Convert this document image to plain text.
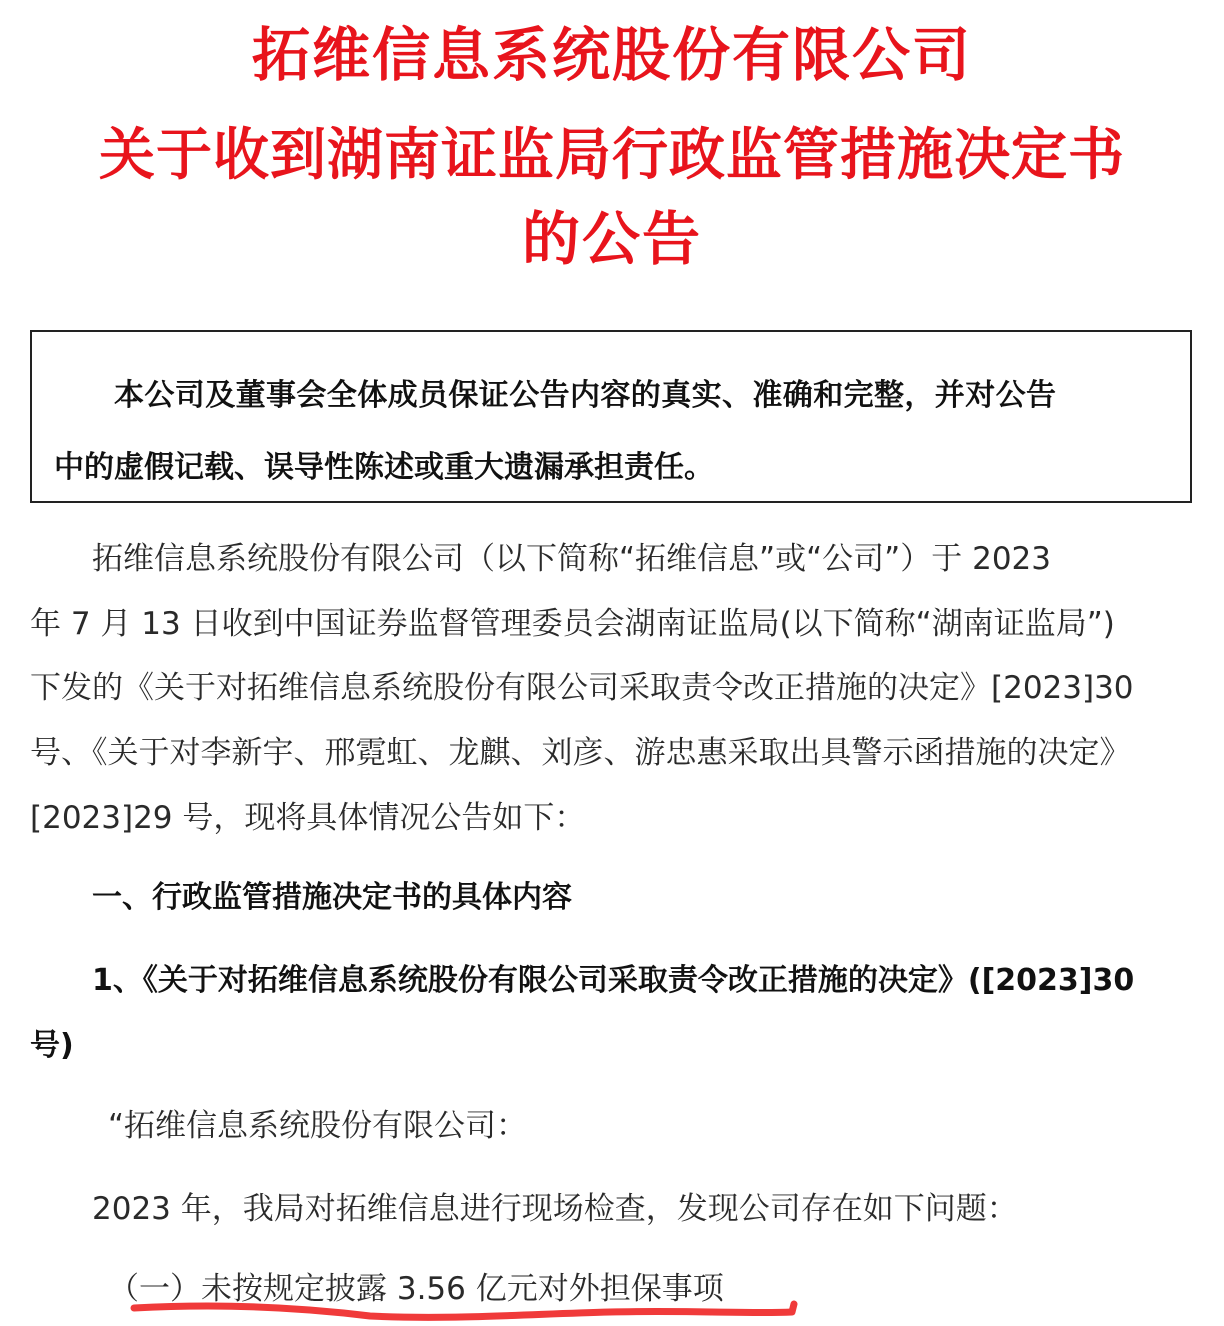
拓维信息系统股份有限公司
关于收到湖南证监局行政监管措施决定书
的公告
本公司及董事会全体成员保证公告内容的真实、准确和完整，并对公告
中的虚假记载、误导性陈述或重大遗漏承担责任。
拓维信息系统股份有限公司（以下简称“拓维信息”或“公司”）于 2023
年 7 月 13 日收到中国证券监督管理委员会湖南证监局(以下简称“湖南证监局”)
下发的《关于对拓维信息系统股份有限公司采取责令改正措施的决定》[2023]30
号、《关于对李新宇、邢霓虹、龙麒、刘彦、游忠惠采取出具警示函措施的决定》
[2023]29 号，现将具体情况公告如下：
一、行政监管措施决定书的具体内容
1、《关于对拓维信息系统股份有限公司采取责令改正措施的决定》([2023]30
号)
“拓维信息系统股份有限公司：
2023 年，我局对拓维信息进行现场检查，发现公司存在如下问题：
（一）未按规定披露 3.56 亿元对外担保事项
